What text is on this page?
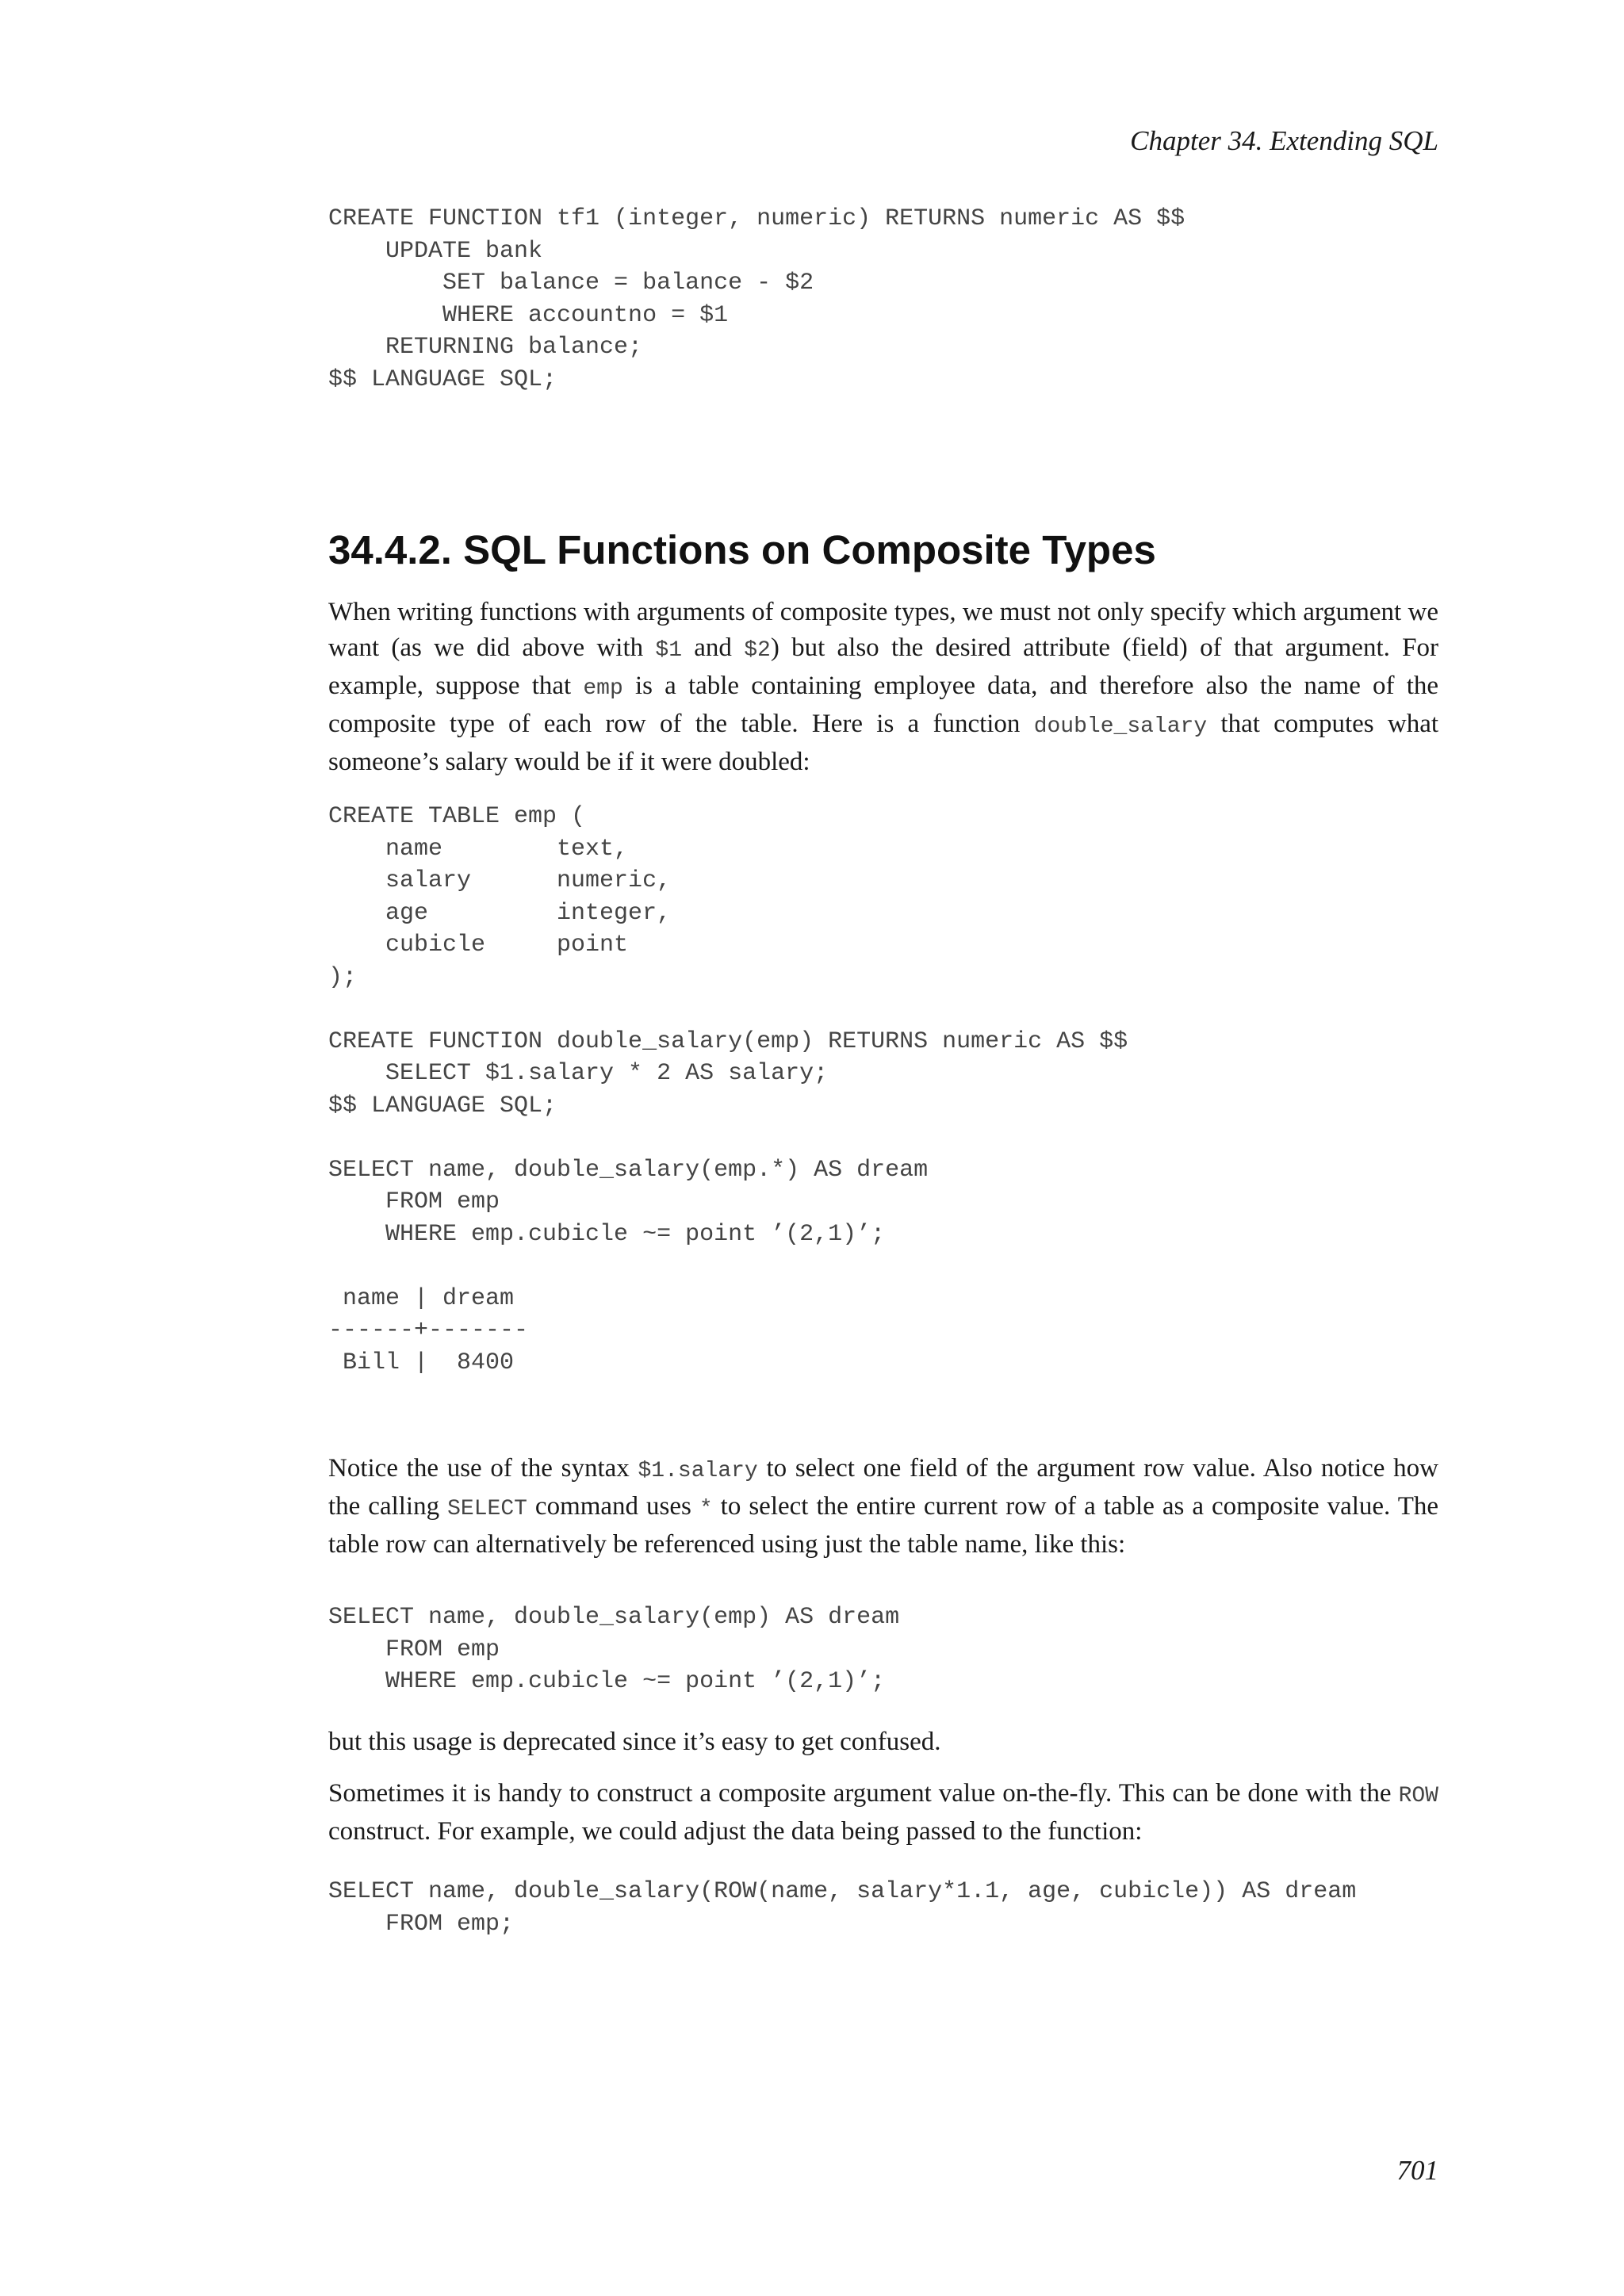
Chapter 34. Extending SQL
CREATE FUNCTION tf1 (integer, numeric) RETURNS numeric AS $$
UPDATE bank
SET balance = balance - $2
WHERE accountno = $1
RETURNING balance;
$$ LANGUAGE SQL;
34.4.2. SQL Functions on Composite Types

When writing functions with arguments of composite types, we must not only specify which argument we want (as we did above with $1 and $2) but also the desired attribute (field) of that argument. For example, suppose that emp is a table containing employee data, and therefore also the name of the composite type of each row of the table. Here is a function double_salary that computes what someone’s salary would be if it were doubled:

CREATE TABLE emp (
name        text,
salary      numeric,
age         integer,
cubicle     point
);

CREATE FUNCTION double_salary(emp) RETURNS numeric AS $$
SELECT $1.salary * 2 AS salary;
$$ LANGUAGE SQL;

SELECT name, double_salary(emp.*) AS dream
FROM emp
WHERE emp.cubicle ~= point ’(2,1)’;

name | dream
------+-------
Bill |  8400

Notice the use of the syntax $1.salary to select one field of the argument row value. Also notice how the calling SELECT command uses * to select the entire current row of a table as a composite value. The table row can alternatively be referenced using just the table name, like this:

SELECT name, double_salary(emp) AS dream
FROM emp
WHERE emp.cubicle ~= point ’(2,1)’;

but this usage is deprecated since it’s easy to get confused.

Sometimes it is handy to construct a composite argument value on-the-fly. This can be done with the ROW construct. For example, we could adjust the data being passed to the function:

SELECT name, double_salary(ROW(name, salary*1.1, age, cubicle)) AS dream
FROM emp;
701
